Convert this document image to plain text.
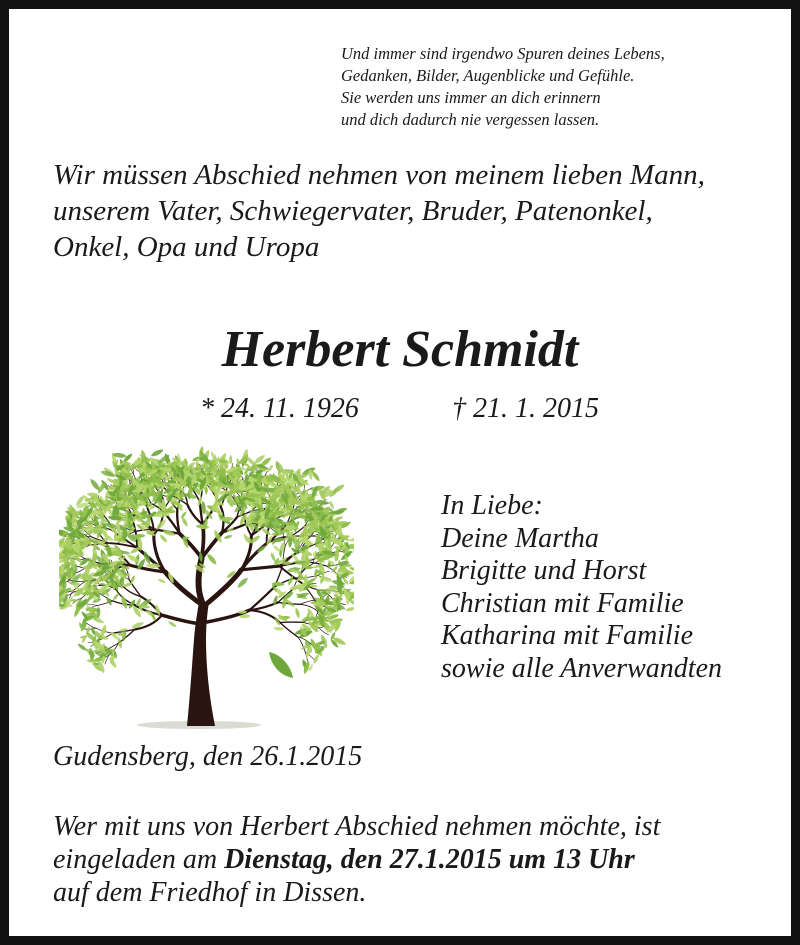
Und immer sind irgendwo Spuren deines Lebens,
Gedanken, Bilder, Augenblicke und Gefühle.
Sie werden uns immer an dich erinnern
und dich dadurch nie vergessen lassen.
Wir müssen Abschied nehmen von meinem lieben Mann,
unserem Vater, Schwiegervater, Bruder, Patenonkel,
Onkel, Opa und Uropa
Herbert Schmidt
* 24. 11. 1926	† 21. 1. 2015
In Liebe:
Deine Martha
Brigitte und Horst
Christian mit Familie
Katharina mit Familie
sowie alle Anverwandten
Gudensberg, den 26.1.2015
Wer mit uns von Herbert Abschied nehmen möchte, ist
eingeladen am Dienstag, den 27.1.2015 um 13 Uhr
auf dem Friedhof in Dissen.
